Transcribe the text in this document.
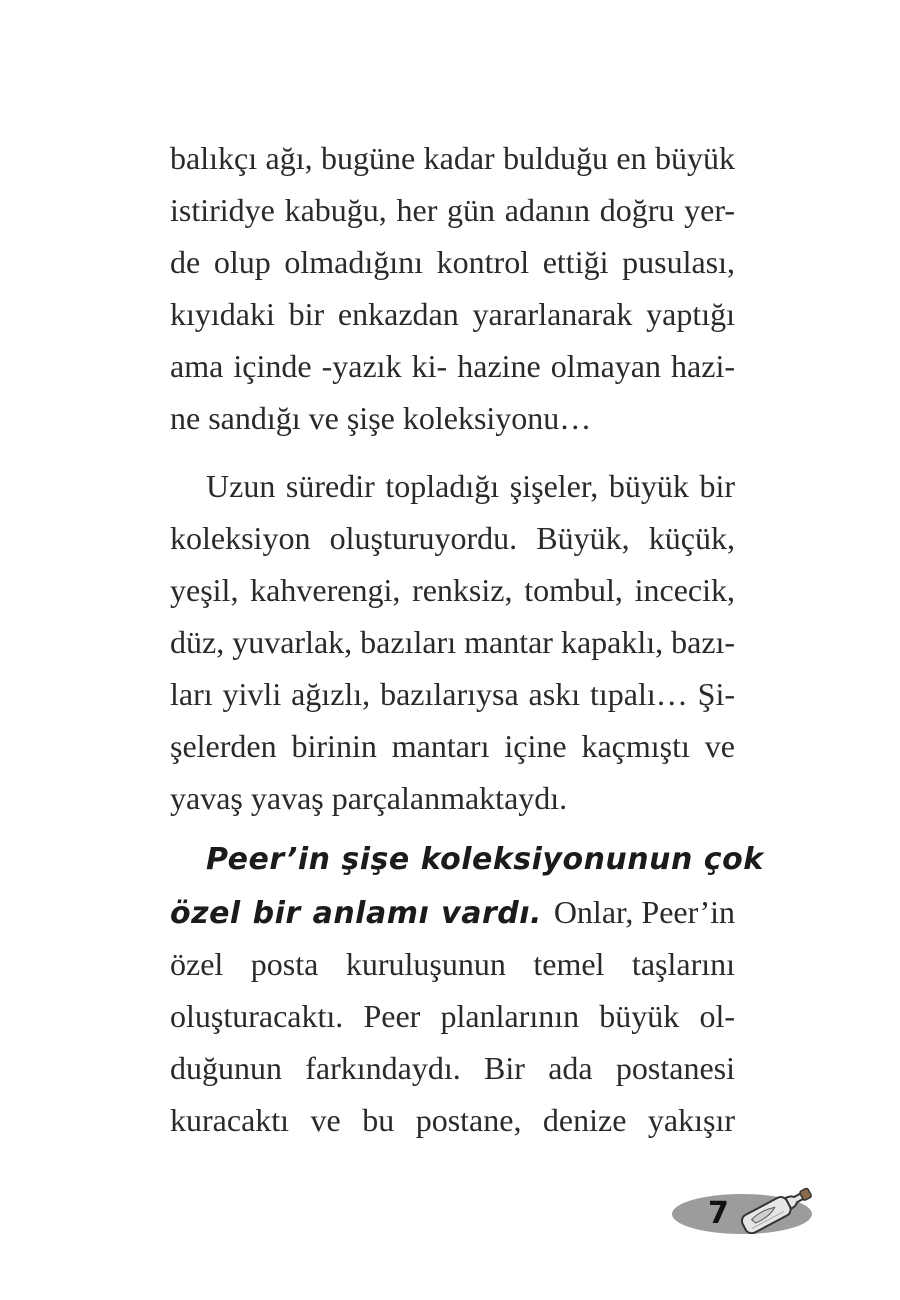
balıkçı ağı, bugüne kadar bulduğu en büyük
istiridye kabuğu, her gün adanın doğru yer-
de olup olmadığını kontrol ettiği pusulası,
kıyıdaki bir enkazdan yararlanarak yaptığı
ama içinde -yazık ki- hazine olmayan hazi-
ne sandığı ve şişe koleksiyonu…
Uzun süredir topladığı şişeler, büyük bir
koleksiyon oluşturuyordu. Büyük, küçük,
yeşil, kahverengi, renksiz, tombul, incecik,
düz, yuvarlak, bazıları mantar kapaklı, bazı-
ları yivli ağızlı, bazılarıysa askı tıpalı… Şi-
şelerden birinin mantarı içine kaçmıştı ve
yavaş yavaş parçalanmaktaydı.
Peer’in şişe koleksiyonunun çok
özel bir anlamı vardı. Onlar, Peer’in
özel posta kuruluşunun temel taşlarını
oluşturacaktı. Peer planlarının büyük ol-
duğunun farkındaydı. Bir ada postanesi
kuracaktı ve bu postane, denize yakışır
7
